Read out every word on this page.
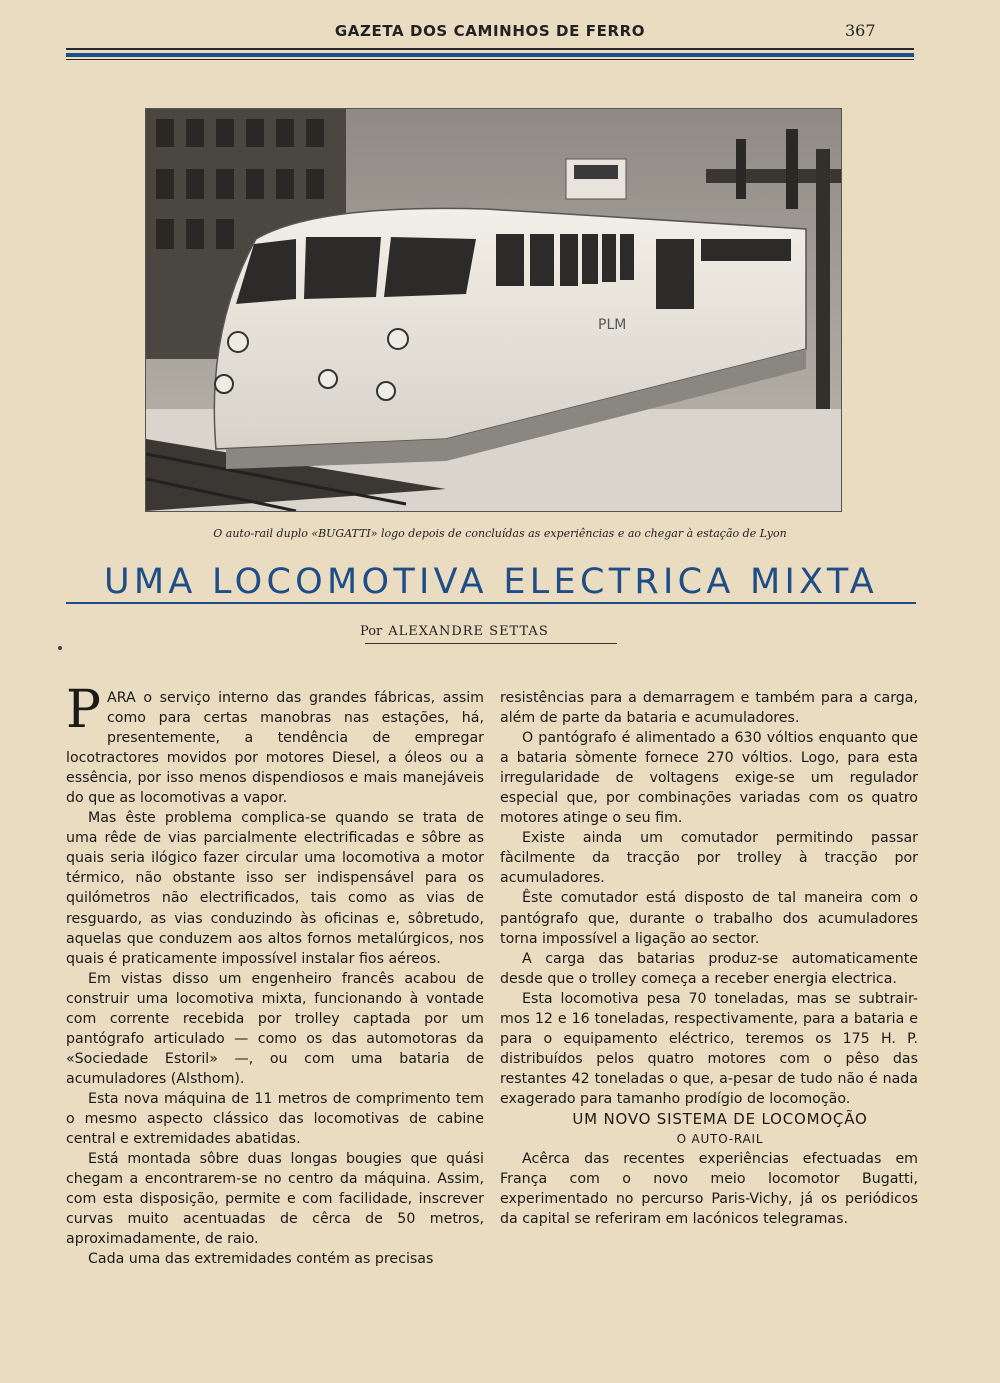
GAZETA DOS CAMINHOS DE FERRO	367
PLM
O auto-rail duplo «BUGATTI» logo depois de concluídas as experiências e ao chegar à estação de Lyon
UMA LOCOMOTIVA ELECTRICA MIXTA
Por ALEXANDRE SETTAS

PARA o serviço interno das grandes fábricas, assim como para certas manobras nas estações, há, presentemente, a tendência de empregar locotractores movidos por motores Diesel, a óleos ou a essência, por isso menos dispendiosos e mais manejáveis do que as locomotivas a vapor.

Mas êste problema complica-se quando se trata de uma rêde de vias parcialmente electrificadas e sôbre as quais seria ilógico fazer circular uma locomotiva a motor térmico, não obstante isso ser indispensável para os quilómetros não electrificados, tais como as vias de resguardo, as vias conduzindo às oficinas e, sôbretudo, aquelas que conduzem aos altos fornos metalúrgicos, nos quais é praticamente impossível instalar fios aéreos.

Em vistas disso um engenheiro francês acabou de construir uma locomotiva mixta, funcionando à vontade com corrente recebida por trolley captada por um pantógrafo articulado — como os das automotoras da «Sociedade Estoril» —, ou com uma bataria de acumuladores (Alsthom).

Esta nova máquina de 11 metros de comprimento tem o mesmo aspecto clássico das locomotivas de cabine central e extremidades abatidas.

Está montada sôbre duas longas bougies que quási chegam a encontrarem-se no centro da máquina. Assim, com esta disposição, permite e com facilidade, inscrever curvas muito acentuadas de cêrca de 50 metros, aproximadamente, de raio.

Cada uma das extremidades contém as precisas

resistências para a demarragem e também para a carga, além de parte da bataria e acumuladores.

O pantógrafo é alimentado a 630 vóltios enquanto que a bataria sòmente fornece 270 vóltios. Logo, para esta irregularidade de voltagens exige-se um regulador especial que, por combinações variadas com os quatro motores atinge o seu fim.

Existe ainda um comutador permitindo passar fàcilmente da tracção por trolley à tracção por acumuladores.

Êste comutador está disposto de tal maneira com o pantógrafo que, durante o trabalho dos acumuladores torna impossível a ligação ao sector.

A carga das batarias produz-se automaticamente desde que o trolley começa a receber energia electrica.

Esta locomotiva pesa 70 toneladas, mas se subtrair-mos 12 e 16 toneladas, respectivamente, para a bataria e para o equipamento eléctrico, teremos os 175 H. P. distribuídos pelos quatro motores com o pêso das restantes 42 toneladas o que, a-pesar de tudo não é nada exagerado para tamanho prodígio de locomoção.

UM NOVO SISTEMA DE LOCOMOÇÃO

O AUTO-RAIL

Acêrca das recentes experiências efectuadas em França com o novo meio locomotor Bugatti, experimentado no percurso Paris-Vichy, já os periódicos da capital se referiram em lacónicos telegramas.
